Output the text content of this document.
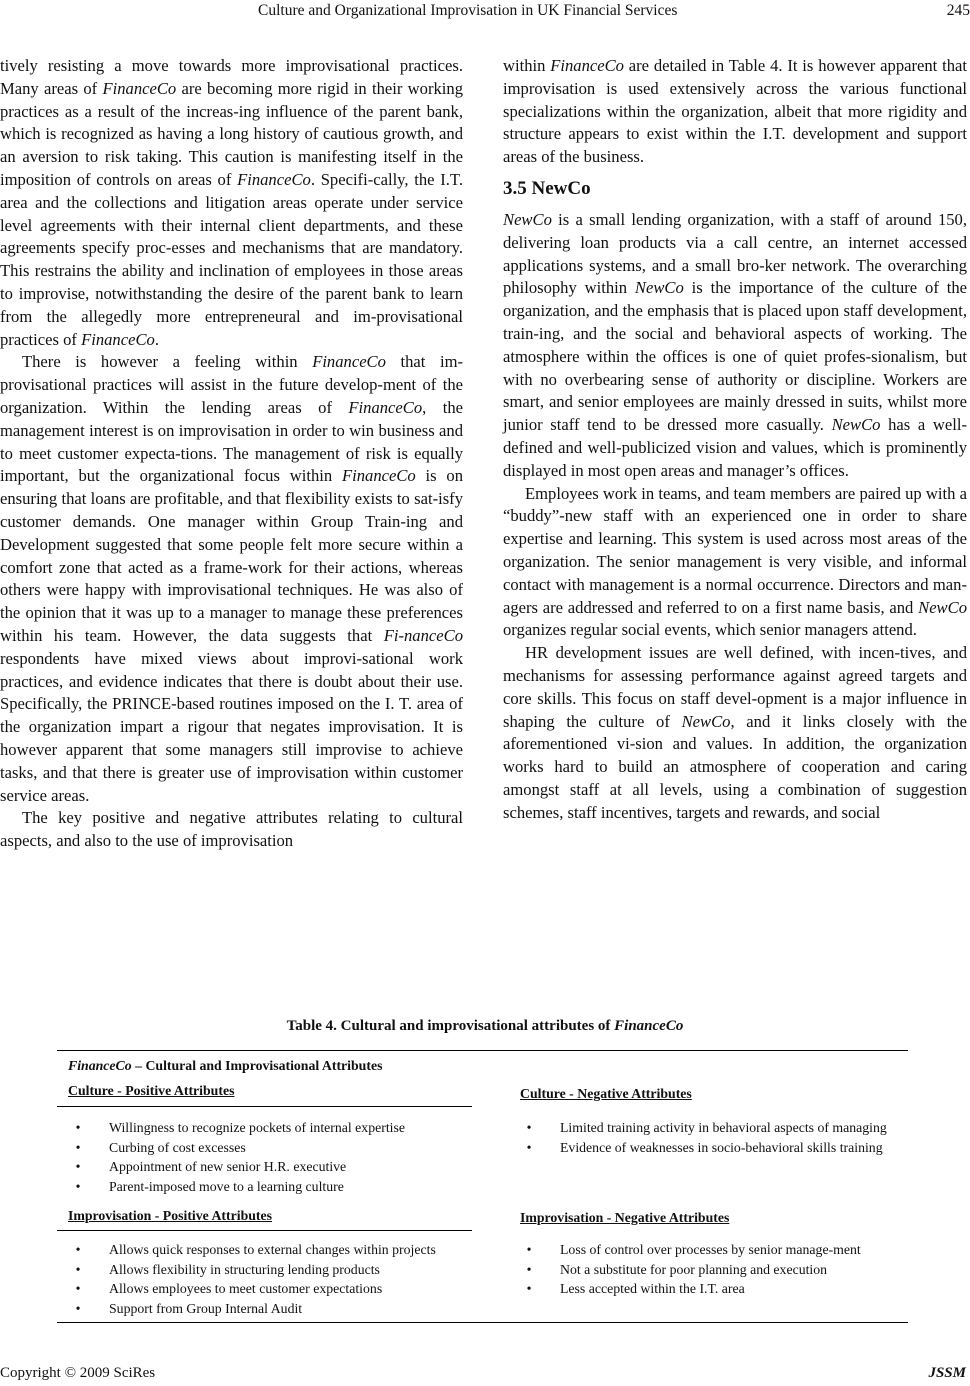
Culture and Organizational Improvisation in UK Financial Services	245

tively resisting a move towards more improvisational practices. Many areas of FinanceCo are becoming more rigid in their working practices as a result of the increas-ing influence of the parent bank, which is recognized as having a long history of cautious growth, and an aversion to risk taking. This caution is manifesting itself in the imposition of controls on areas of FinanceCo. Specifi-cally, the I.T. area and the collections and litigation areas operate under service level agreements with their internal client departments, and these agreements specify proc-esses and mechanisms that are mandatory. This restrains the ability and inclination of employees in those areas to improvise, notwithstanding the desire of the parent bank to learn from the allegedly more entrepreneural and im-provisational practices of FinanceCo.

There is however a feeling within FinanceCo that im-provisational practices will assist in the future develop-ment of the organization. Within the lending areas of FinanceCo, the management interest is on improvisation in order to win business and to meet customer expecta-tions. The management of risk is equally important, but the organizational focus within FinanceCo is on ensuring that loans are profitable, and that flexibility exists to sat-isfy customer demands. One manager within Group Train-ing and Development suggested that some people felt more secure within a comfort zone that acted as a frame-work for their actions, whereas others were happy with improvisational techniques. He was also of the opinion that it was up to a manager to manage these preferences within his team. However, the data suggests that Fi-nanceCo respondents have mixed views about improvi-sational work practices, and evidence indicates that there is doubt about their use. Specifically, the PRINCE-based routines imposed on the I. T. area of the organization impart a rigour that negates improvisation. It is however apparent that some managers still improvise to achieve tasks, and that there is greater use of improvisation within customer service areas.

The key positive and negative attributes relating to cultural aspects, and also to the use of improvisation

within FinanceCo are detailed in Table 4. It is however apparent that improvisation is used extensively across the various functional specializations within the organization, albeit that more rigidity and structure appears to exist within the I.T. development and support areas of the business.

3.5 NewCo

NewCo is a small lending organization, with a staff of around 150, delivering loan products via a call centre, an internet accessed applications systems, and a small bro-ker network. The overarching philosophy within NewCo is the importance of the culture of the organization, and the emphasis that is placed upon staff development, train-ing, and the social and behavioral aspects of working. The atmosphere within the offices is one of quiet profes-sionalism, but with no overbearing sense of authority or discipline. Workers are smart, and senior employees are mainly dressed in suits, whilst more junior staff tend to be dressed more casually. NewCo has a well-defined and well-publicized vision and values, which is prominently displayed in most open areas and manager’s offices.

Employees work in teams, and team members are paired up with a “buddy”-new staff with an experienced one in order to share expertise and learning. This system is used across most areas of the organization. The senior management is very visible, and informal contact with management is a normal occurrence. Directors and man-agers are addressed and referred to on a first name basis, and NewCo organizes regular social events, which senior managers attend.

HR development issues are well defined, with incen-tives, and mechanisms for assessing performance against agreed targets and core skills. This focus on staff devel-opment is a major influence in shaping the culture of NewCo, and it links closely with the aforementioned vi-sion and values. In addition, the organization works hard to build an atmosphere of cooperation and caring amongst staff at all levels, using a combination of suggestion schemes, staff incentives, targets and rewards, and social

Table 4. Cultural and improvisational attributes of FinanceCo
FinanceCo – Cultural and Improvisational Attributes
Culture - Positive Attributes
• Willingness to recognize pockets of internal expertise
• Curbing of cost excesses
• Appointment of new senior H.R. executive
• Parent-imposed move to a learning culture
Culture - Negative Attributes
• Limited training activity in behavioral aspects of managing
• Evidence of weaknesses in socio-behavioral skills training
Improvisation - Positive Attributes
• Allows quick responses to external changes within projects
• Allows flexibility in structuring lending products
• Allows employees to meet customer expectations
• Support from Group Internal Audit
Improvisation - Negative Attributes
• Loss of control over processes by senior manage-ment
• Not a substitute for poor planning and execution
• Less accepted within the I.T. area
Copyright © 2009 SciRes	JSSM
